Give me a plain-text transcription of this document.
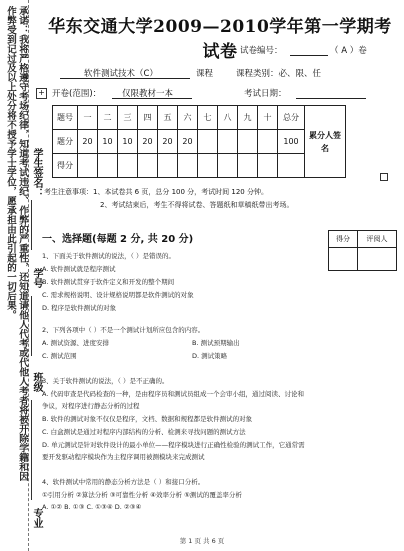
承诺：我将严格遵守考场纪律，知道考试违纪、作弊的严重性，还知道请他人代考或代他人考者将被开除学籍和因作弊受到记过及以上处分将不授予学士学位，愿承担由此引起的一切后果。	学生签名：
学号
班级
专业
华东交通大学2009—2010学年第一学期考试卷 试卷编号：	（ A ）卷
软件测试技术（C）	课程	课程类别：必、限、任
+ 开卷(范围)： 仅限教材一本	考试日期：
题号	一	二	三	四	五	六	七	八	九	十	总分	累分人签名
题分	20	10	10	20	20	20					100	
得分												
考生注意事项：1、本试卷共 6 页，总分 100 分，考试时间 120 分钟。
2、考试结束后，考生不得将试卷、答题纸和草稿纸带出考场。
得分	评阅人

一、选择题(每题 2 分, 共 20 分)
1、下面关于软件测试的说法，（ ）是错误的。
A. 软件测试就是程序测试
B. 软件测试贯穿于软件定义和开发的整个期间
C. 需求规格说明、设计规格说明都是软件测试的对象
D. 程序是软件测试的对象
2、下列各项中（ ）不是一个测试计划所应包含的内容。
A. 测试资源、进度安排	B. 测试预期输出
C. 测试范围	D. 测试策略
3、关于软件测试的说法，（ ）是不正确的。
A. 代码审查是代码检查的一种，是由程序员和测试员组成一个会审小组，通过阅读、讨论和
争议，对程序进行静态分析的过程
B. 软件的测试对象不仅仅是程序，文档、数据和规程都是软件测试的对象
C. 白盒测试是通过对程序内部结构的分析、检测来寻找问题的测试方法
D. 单元测试是针对软件设计的最小单位——程序模块进行正确性检验的测试工作，它通常需
要开发驱动程序模块作为主程序调用被测模块来完成测试
4、软件测试中常用的静态分析方法是（ ）和接口分析。
①引用分析 ②算法分析 ③可靠性分析 ④效率分析 ⑤测试的覆盖率分析
A. ①② B. ①③ C. ①③④ D. ②③④
第 1 页 共 6 页
